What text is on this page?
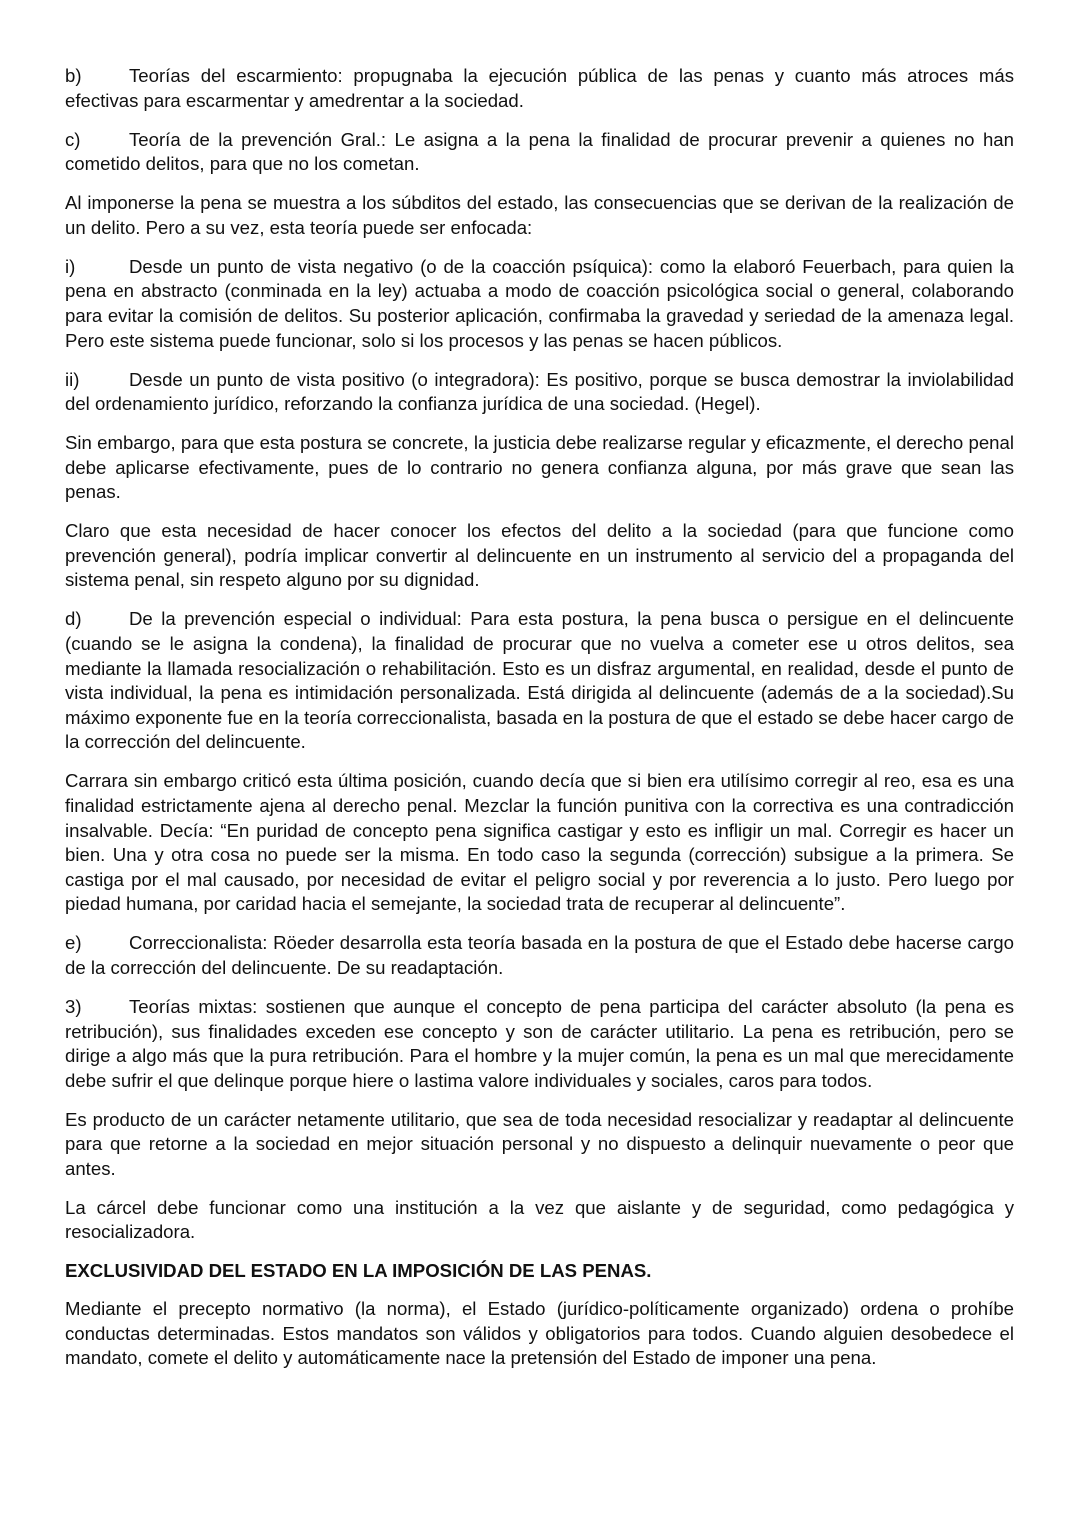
b)	Teorías del escarmiento: propugnaba la ejecución pública de las penas y cuanto más atroces más efectivas para escarmentar y amedrentar a la sociedad.

c)	Teoría de la prevención Gral.: Le asigna a la pena la finalidad de procurar prevenir a quienes no han cometido delitos, para que no los cometan.

Al imponerse la pena se muestra a los súbditos del estado, las consecuencias que se derivan de la realización de un delito. Pero a su vez, esta teoría puede ser enfocada:

i)	Desde un punto de vista negativo (o de la coacción psíquica): como la elaboró Feuerbach, para quien la pena en abstracto (conminada en la ley) actuaba a modo de coacción psicológica social o general, colaborando para evitar la comisión de delitos. Su posterior aplicación, confirmaba la gravedad y seriedad de la amenaza legal. Pero este sistema puede funcionar, solo si los procesos y las penas se hacen públicos.

ii)	Desde un punto de vista positivo (o integradora): Es positivo, porque se busca demostrar la inviolabilidad del ordenamiento jurídico, reforzando la confianza jurídica de una sociedad. (Hegel).

Sin embargo, para que esta postura se concrete, la justicia debe realizarse regular y eficazmente, el derecho penal debe aplicarse efectivamente, pues de lo contrario no genera confianza alguna, por más grave que sean las penas.

Claro que esta necesidad de hacer conocer los efectos del delito a la sociedad (para que funcione como prevención general), podría implicar convertir al delincuente en un instrumento al servicio del a propaganda del sistema penal, sin respeto alguno por su dignidad.

d)	De la prevención especial o individual: Para esta postura, la pena busca o persigue en el delincuente (cuando se le asigna la condena), la finalidad de procurar que no vuelva a cometer ese u otros delitos, sea mediante la llamada resocialización o rehabilitación. Esto es un disfraz argumental, en realidad, desde el punto de vista individual, la pena es intimidación personalizada. Está dirigida al delincuente (además de a la sociedad).Su máximo exponente fue en la teoría correccionalista, basada en la postura de que el estado se debe hacer cargo de la corrección del delincuente.

Carrara sin embargo criticó esta última posición, cuando decía que si bien era utilísimo corregir al reo, esa es una finalidad estrictamente ajena al derecho penal. Mezclar la función punitiva con la correctiva es una contradicción insalvable. Decía: “En puridad de concepto pena significa castigar y esto es infligir un mal. Corregir es hacer un bien. Una y otra cosa no puede ser la misma. En todo caso la segunda (corrección) subsigue a la primera. Se castiga por el mal causado, por necesidad de evitar el peligro social y por reverencia a lo justo. Pero luego por piedad humana, por caridad hacia el semejante, la sociedad trata de recuperar al delincuente”.

e)	Correccionalista: Röeder desarrolla esta teoría basada en la postura de que el Estado debe hacerse cargo de la corrección del delincuente. De su readaptación.

3)	Teorías mixtas: sostienen que aunque el concepto de pena participa del carácter absoluto (la pena es retribución), sus finalidades exceden ese concepto y son de carácter utilitario. La pena es retribución, pero se dirige a algo más que la pura retribución. Para el hombre y la mujer común, la pena es un mal que merecidamente debe sufrir el que delinque porque hiere o lastima valore individuales y sociales, caros para todos.

Es producto de un carácter netamente utilitario, que sea de toda necesidad resocializar y readaptar al delincuente para que retorne a la sociedad en mejor situación personal y no dispuesto a delinquir nuevamente o peor que antes.

La cárcel debe funcionar como una institución a la vez que aislante y de seguridad, como pedagógica y resocializadora.

EXCLUSIVIDAD DEL ESTADO EN LA IMPOSICIÓN DE LAS PENAS.

Mediante el precepto normativo (la norma), el Estado (jurídico-políticamente organizado) ordena o prohíbe conductas determinadas. Estos mandatos son válidos y obligatorios para todos. Cuando alguien desobedece el mandato, comete el delito y automáticamente nace la pretensión del Estado de imponer una pena.
